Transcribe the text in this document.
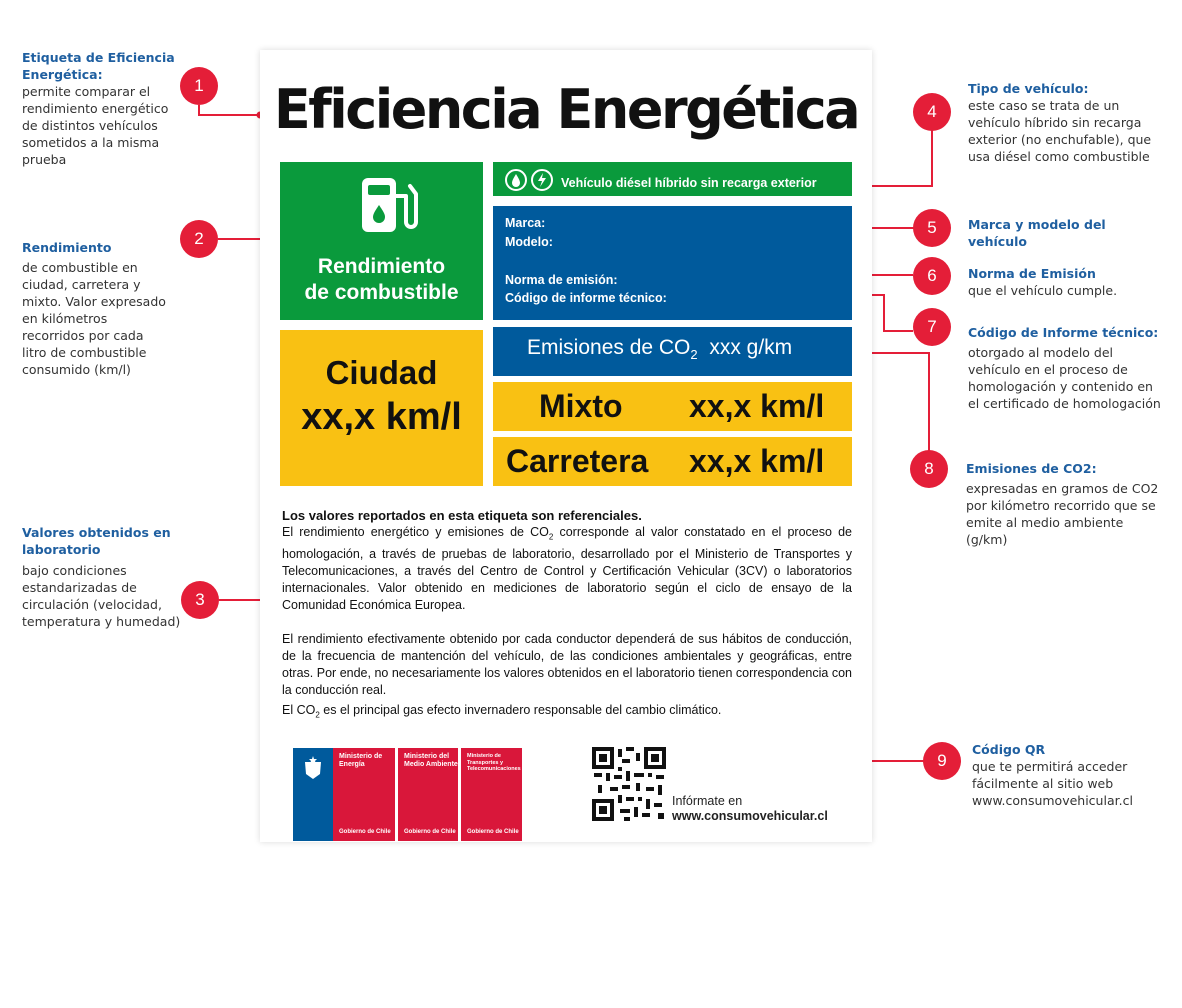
Eficiencia Energética
Rendimiento
de combustible
Vehículo diésel híbrido sin recarga exterior
Marca:
Modelo:
Norma de emisión:
Código de informe técnico:
Ciudad
xx,x km/l
Emisiones de $CO_2$ xxx g/km
Mixto xx,x km/l
Carretera xx,x km/l

Los valores reportados en esta etiqueta son referenciales.

El rendimiento energético y emisiones de $CO_2$ corresponde al valor constatado en el proceso de homologación, a través de pruebas de laboratorio, desarrollado por el Ministerio de Transportes y Telecomunicaciones, a través del Centro de Control y Certificación Vehicular (3CV) o laboratorios internacionales. Valor obtenido en mediciones de laboratorio según el ciclo de ensayo de la Comunidad Económica Europea.

El rendimiento efectivamente obtenido por cada conductor dependerá de sus hábitos de conducción, de la frecuencia de mantención del vehículo, de las condiciones ambientales y geográficas, entre otras. Por ende, no necesariamente los valores obtenidos en el laboratorio tienen correspondencia con la conducción real.

El $CO_2$ es el principal gas efecto invernadero responsable del cambio climático.

Ministerio de Energía
Gobierno de Chile
Ministerio del Medio Ambiente
Gobierno de Chile
Ministerio de Transportes y Telecomunicaciones
Gobierno de Chile
Infórmate en
www.consumovehicular.cl
1
2
3
4
5
6
7
8
9
Etiqueta de Eficiencia Energética:
permite comparar el rendimiento energético de distintos vehículos sometidos a la misma prueba
Rendimiento
de combustible en ciudad, carretera y mixto. Valor expresado en kilómetros recorridos por cada litro de combustible consumido (km/l)
Valores obtenidos en laboratorio
bajo condiciones estandarizadas de circulación (velocidad, temperatura y humedad)
Tipo de vehículo:
este caso se trata de un vehículo híbrido sin recarga exterior (no enchufable), que usa diésel como combustible
Marca y modelo del vehículo
Norma de Emisión
que el vehículo cumple.
Código de Informe técnico:
otorgado al modelo del vehículo en el proceso de homologación y contenido en el certificado de homologación
Emisiones de CO2:
expresadas en gramos de CO2 por kilómetro recorrido que se emite al medio ambiente (g/km)
Código QR
que te permitirá acceder fácilmente al sitio web www.consumovehicular.cl
